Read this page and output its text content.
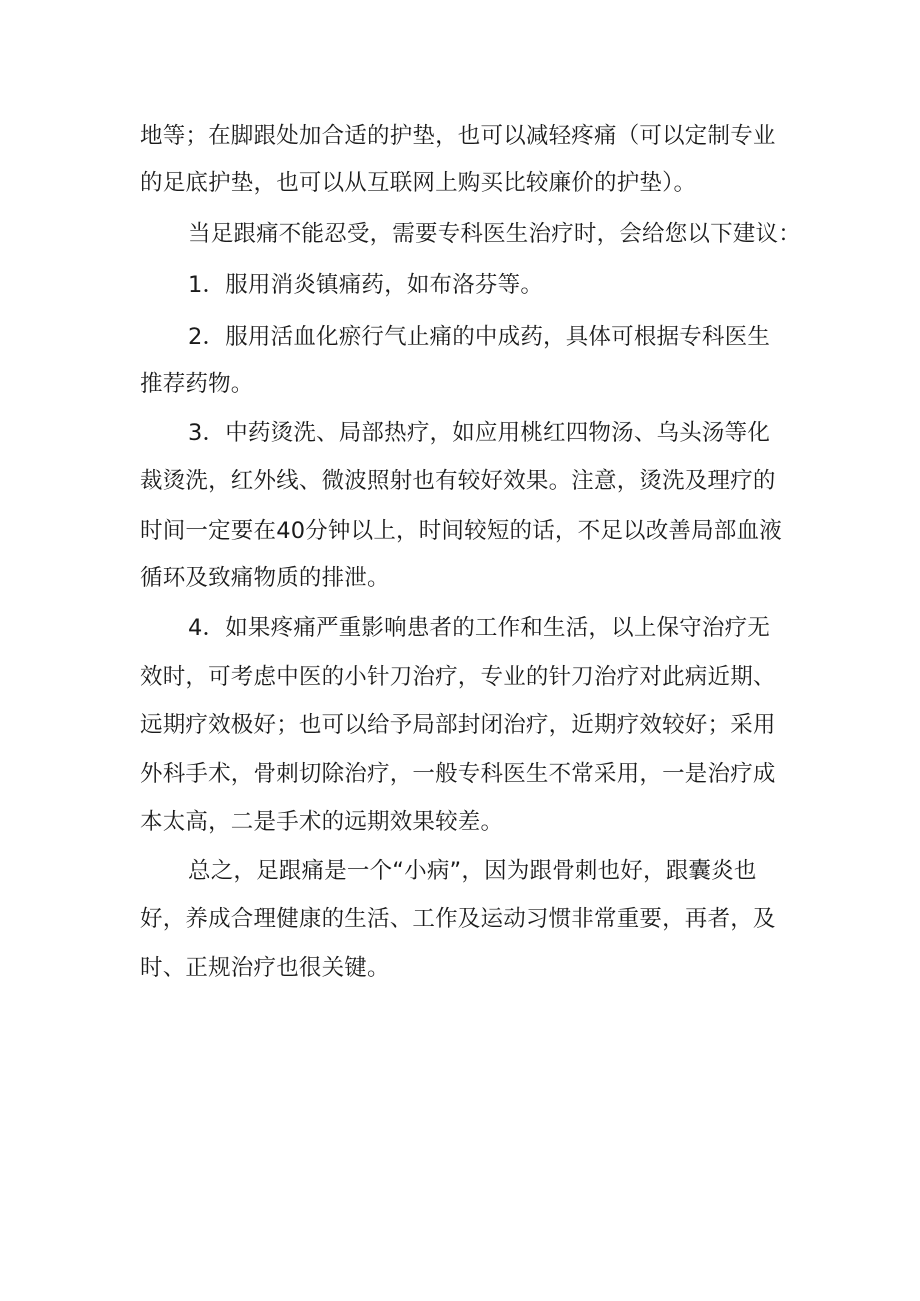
地等；在脚跟处加合适的护垫，也可以减轻疼痛（可以定制专业
的足底护垫，也可以从互联网上购买比较廉价的护垫）。
当足跟痛不能忍受，需要专科医生治疗时，会给您以下建议：
1．服用消炎镇痛药，如布洛芬等。
2．服用活血化瘀行气止痛的中成药，具体可根据专科医生
推荐药物。
3．中药烫洗、局部热疗，如应用桃红四物汤、乌头汤等化
裁烫洗，红外线、微波照射也有较好效果。注意，烫洗及理疗的
时间一定要在40分钟以上，时间较短的话，不足以改善局部血液
循环及致痛物质的排泄。
4．如果疼痛严重影响患者的工作和生活，以上保守治疗无
效时，可考虑中医的小针刀治疗，专业的针刀治疗对此病近期、
远期疗效极好；也可以给予局部封闭治疗，近期疗效较好；采用
外科手术，骨刺切除治疗，一般专科医生不常采用，一是治疗成
本太高，二是手术的远期效果较差。
总之，足跟痛是一个“小病”，因为跟骨刺也好，跟囊炎也
好，养成合理健康的生活、工作及运动习惯非常重要，再者，及
时、正规治疗也很关键。
